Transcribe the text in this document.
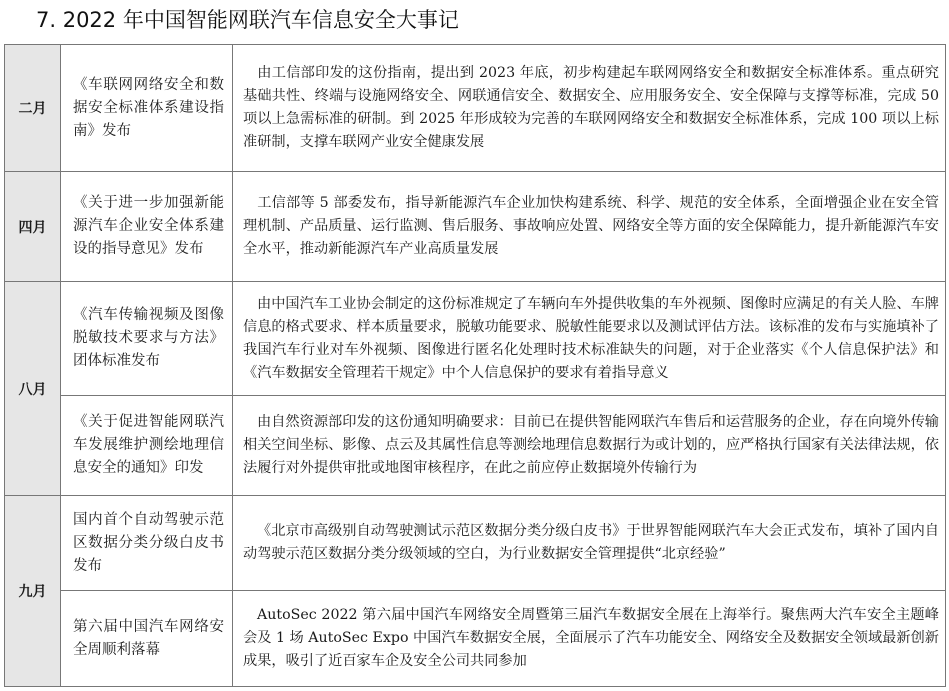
7. 2022 年中国智能网联汽车信息安全大事记
二月	《车联网网络安全和数据安全标准体系建设指南》发布	由工信部印发的这份指南，提出到 2023 年底，初步构建起车联网网络安全和数据安全标准体系。重点研究基础共性、终端与设施网络安全、网联通信安全、数据安全、应用服务安全、安全保障与支撑等标准，完成 50 项以上急需标准的研制。到 2025 年形成较为完善的车联网网络安全和数据安全标准体系，完成 100 项以上标准研制，支撑车联网产业安全健康发展
四月	《关于进一步加强新能源汽车企业安全体系建设的指导意见》发布	工信部等 5 部委发布，指导新能源汽车企业加快构建系统、科学、规范的安全体系，全面增强企业在安全管理机制、产品质量、运行监测、售后服务、事故响应处置、网络安全等方面的安全保障能力，提升新能源汽车安全水平，推动新能源汽车产业高质量发展
八月	《汽车传输视频及图像脱敏技术要求与方法》团体标准发布	由中国汽车工业协会制定的这份标准规定了车辆向车外提供收集的车外视频、图像时应满足的有关人脸、车牌信息的格式要求、样本质量要求，脱敏功能要求、脱敏性能要求以及测试评估方法。该标准的发布与实施填补了我国汽车行业对车外视频、图像进行匿名化处理时技术标准缺失的问题，对于企业落实《个人信息保护法》和《汽车数据安全管理若干规定》中个人信息保护的要求有着指导意义
	《关于促进智能网联汽车发展维护测绘地理信息安全的通知》印发	由自然资源部印发的这份通知明确要求：目前已在提供智能网联汽车售后和运营服务的企业，存在向境外传输相关空间坐标、影像、点云及其属性信息等测绘地理信息数据行为或计划的，应严格执行国家有关法律法规，依法履行对外提供审批或地图审核程序，在此之前应停止数据境外传输行为
九月	国内首个自动驾驶示范区数据分类分级白皮书发布	《北京市高级别自动驾驶测试示范区数据分类分级白皮书》于世界智能网联汽车大会正式发布，填补了国内自动驾驶示范区数据分类分级领域的空白，为行业数据安全管理提供“北京经验”
	第六届中国汽车网络安全周顺利落幕	AutoSec 2022 第六届中国汽车网络安全周暨第三届汽车数据安全展在上海举行。聚焦两大汽车安全主题峰会及 1 场 AutoSec Expo 中国汽车数据安全展，全面展示了汽车功能安全、网络安全及数据安全领域最新创新成果，吸引了近百家车企及安全公司共同参加
